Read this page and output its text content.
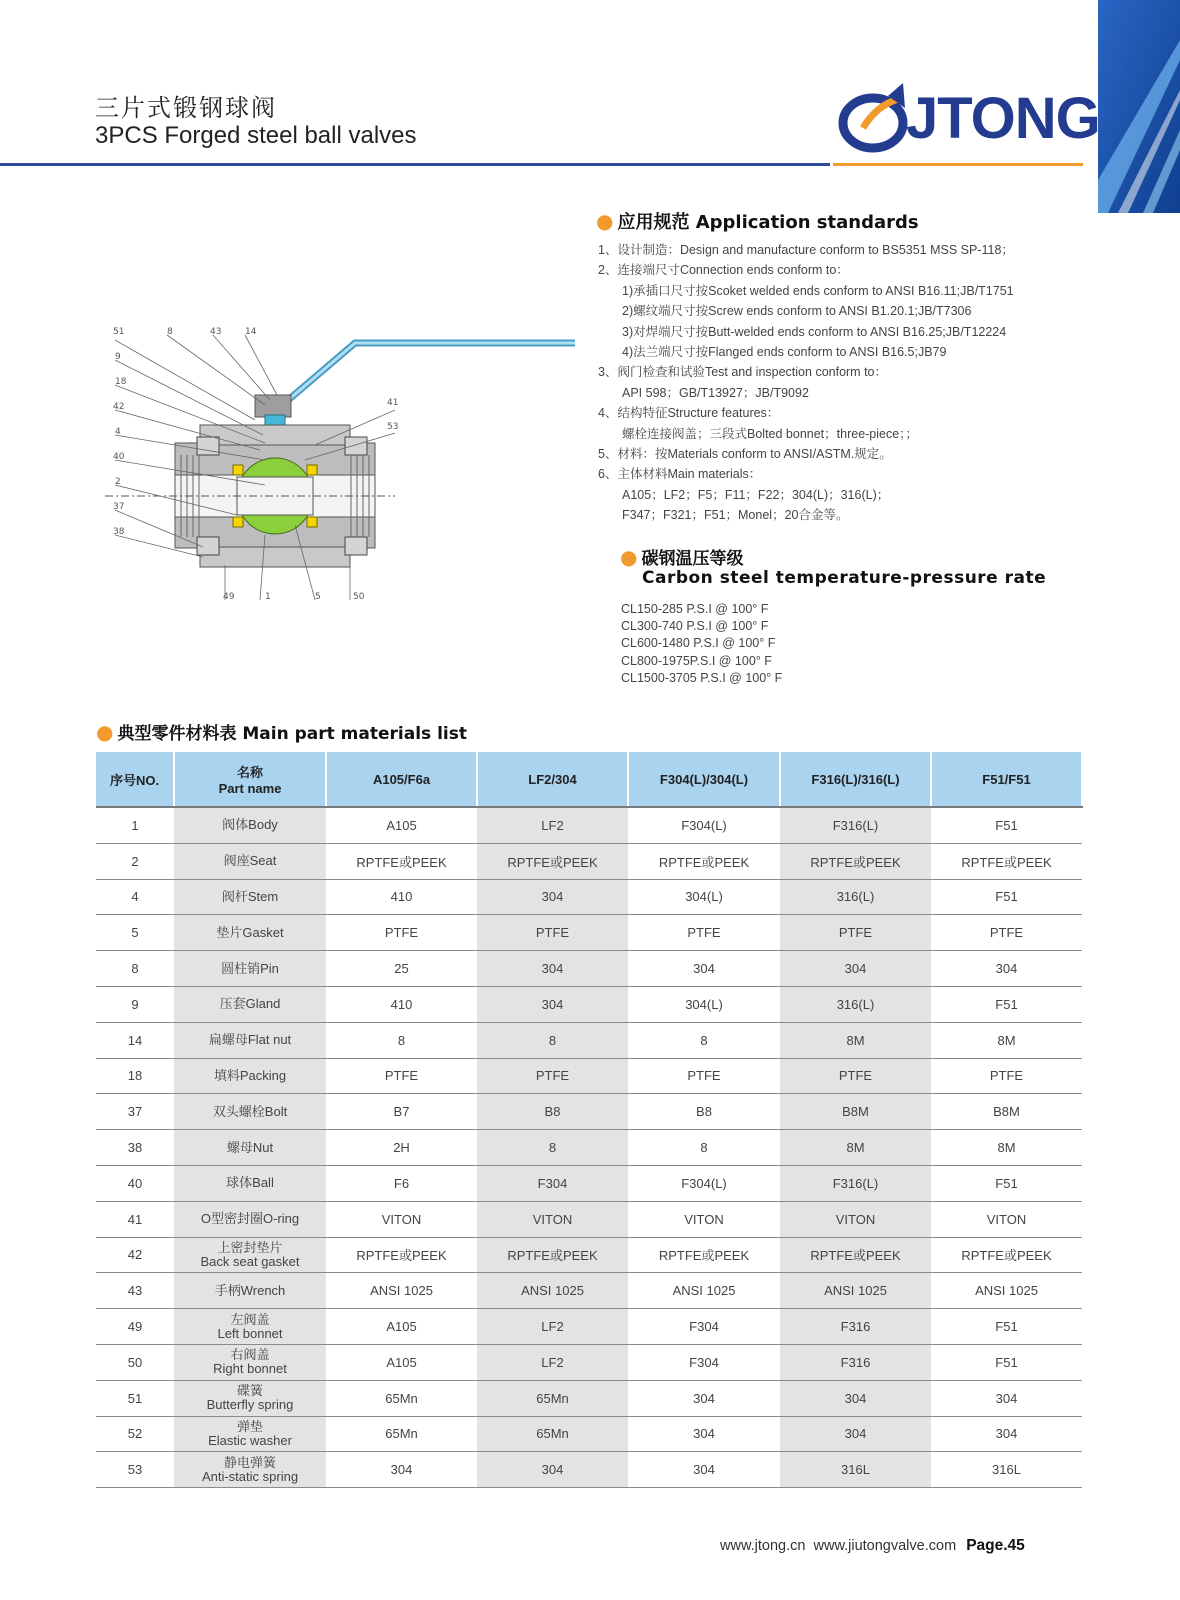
三片式锻钢球阀
3PCS Forged steel ball valves	JTONG
51	8	43	14
9
18
42
4
40
2
37
38
41
53
49	1	5	50
● 应用规范 Application standards
1、设计制造：Design and manufacture conform to BS5351 MSS SP-118；
2、连接端尺寸Connection ends conform to：
1)承插口尺寸按Scoket welded ends conform to ANSI B16.11;JB/T1751
2)螺纹端尺寸按Screw ends conform to ANSI B1.20.1;JB/T7306
3)对焊端尺寸按Butt-welded ends conform to ANSI B16.25;JB/T12224
4)法兰端尺寸按Flanged ends conform to ANSI B16.5;JB79
3、阀门检查和试验Test and inspection conform to：
API 598；GB/T13927；JB/T9092
4、结构特征Structure features：
螺栓连接阀盖；三段式Bolted bonnet；three-piece；；
5、材料：按Materials conform to ANSI/ASTM.规定。
6、主体材料Main materials：
A105；LF2；F5；F11；F22；304(L)；316(L)；
F347；F321；F51；Monel；20合金等。
● 碳钢温压等级
Carbon steel temperature-pressure rate
CL150-285 P.S.I @ 100° F
CL300-740 P.S.I @ 100° F
CL600-1480 P.S.I @ 100° F
CL800-1975P.S.I @ 100° F
CL1500-3705 P.S.I @ 100° F
● 典型零件材料表 Main part materials list
序号NO.	名称
Part name	A105/F6a	LF2/304	F304(L)/304(L)	F316(L)/316(L)	F51/F51
1	阀体Body	A105	LF2	F304(L)	F316(L)	F51
2	阀座Seat	RPTFE或PEEK	RPTFE或PEEK	RPTFE或PEEK	RPTFE或PEEK	RPTFE或PEEK
4	阀杆Stem	410	304	304(L)	316(L)	F51
5	垫片Gasket	PTFE	PTFE	PTFE	PTFE	PTFE
8	圆柱销Pin	25	304	304	304	304
9	压套Gland	410	304	304(L)	316(L)	F51
14	扁螺母Flat nut	8	8	8	8M	8M
18	填料Packing	PTFE	PTFE	PTFE	PTFE	PTFE
37	双头螺栓Bolt	B7	B8	B8	B8M	B8M
38	螺母Nut	2H	8	8	8M	8M
40	球体Ball	F6	F304	F304(L)	F316(L)	F51
41	O型密封圈O-ring	VITON	VITON	VITON	VITON	VITON
42	上密封垫片
Back seat gasket	RPTFE或PEEK	RPTFE或PEEK	RPTFE或PEEK	RPTFE或PEEK	RPTFE或PEEK
43	手柄Wrench	ANSI 1025	ANSI 1025	ANSI 1025	ANSI 1025	ANSI 1025
49	左阀盖
Left bonnet	A105	LF2	F304	F316	F51
50	右阀盖
Right bonnet	A105	LF2	F304	F316	F51
51	碟簧
Butterfly spring	65Mn	65Mn	304	304	304
52	弹垫
Elastic washer	65Mn	65Mn	304	304	304
53	静电弹簧
Anti-static spring	304	304	304	316L	316L
www.jtong.cn www.jiutongvalve.com Page.45
